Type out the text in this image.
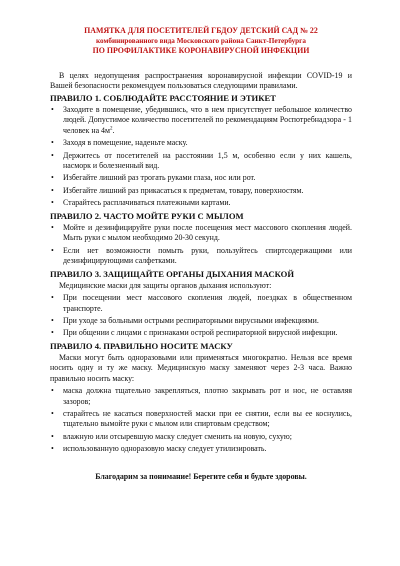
ПАМЯТКА ДЛЯ ПОСЕТИТЕЛЕЙ ГБДОУ ДЕТСКИЙ САД № 22
комбинированного вида Московского района Санкт-Петербурга
ПО ПРОФИЛАКТИКЕ КОРОНАВИРУСНОЙ ИНФЕКЦИИ

В целях недопущения распространения коронавирусной инфекции COVID-19 и Вашей безопасности рекомендуем пользоваться следующими правилами.

ПРАВИЛО 1. СОБЛЮДАЙТЕ РАССТОЯНИЕ И ЭТИКЕТ
• Заходите в помещение, убедившись, что в нем присутствует небольшое количество людей. Допустимое количество посетителей по рекомендациям Роспотребнадзора - 1 человек на $4м^2$.
• Заходя в помещение, наденьте маску.
• Держитесь от посетителей на расстоянии 1,5 м, особенно если у них кашель, насморк и болезненный вид.
• Избегайте лишний раз трогать руками глаза, нос или рот.
• Избегайте лишний раз прикасаться к предметам, товару, поверхностям.
• Старайтесь расплачиваться платежными картами.
ПРАВИЛО 2. ЧАСТО МОЙТЕ РУКИ С МЫЛОМ
• Мойте и дезинфицируйте руки после посещения мест массового скопления людей. Мыть руки с мылом необходимо 20-30 секунд.
• Если нет возможности помыть руки, пользуйтесь спиртсодержащими или дезинфицирующими салфетками.
ПРАВИЛО 3. ЗАЩИЩАЙТЕ ОРГАНЫ ДЫХАНИЯ МАСКОЙ

Медицинские маски для защиты органов дыхания используют:

• При посещении мест массового скопления людей, поездках в общественном транспорте.
• При уходе за больными острыми респираторными вирусными инфекциями.
• При общении с лицами с признаками острой респираторной вирусной инфекции.
ПРАВИЛО 4. ПРАВИЛЬНО НОСИТЕ МАСКУ

Маски могут быть одноразовыми или применяться многократно. Нельзя все время носить одну и ту же маску. Медицинскую маску заменяют через 2-3 часа. Важно правильно носить маску:

• маска должна тщательно закрепляться, плотно закрывать рот и нос, не оставляя зазоров;
• старайтесь не касаться поверхностей маски при ее снятии, если вы ее коснулись, тщательно вымойте руки с мылом или спиртовым средством;
• влажную или отсыревшую маску следует сменить на новую, сухую;
• использованную одноразовую маску следует утилизировать.
Благодарим за понимание! Берегите себя и будьте здоровы.
